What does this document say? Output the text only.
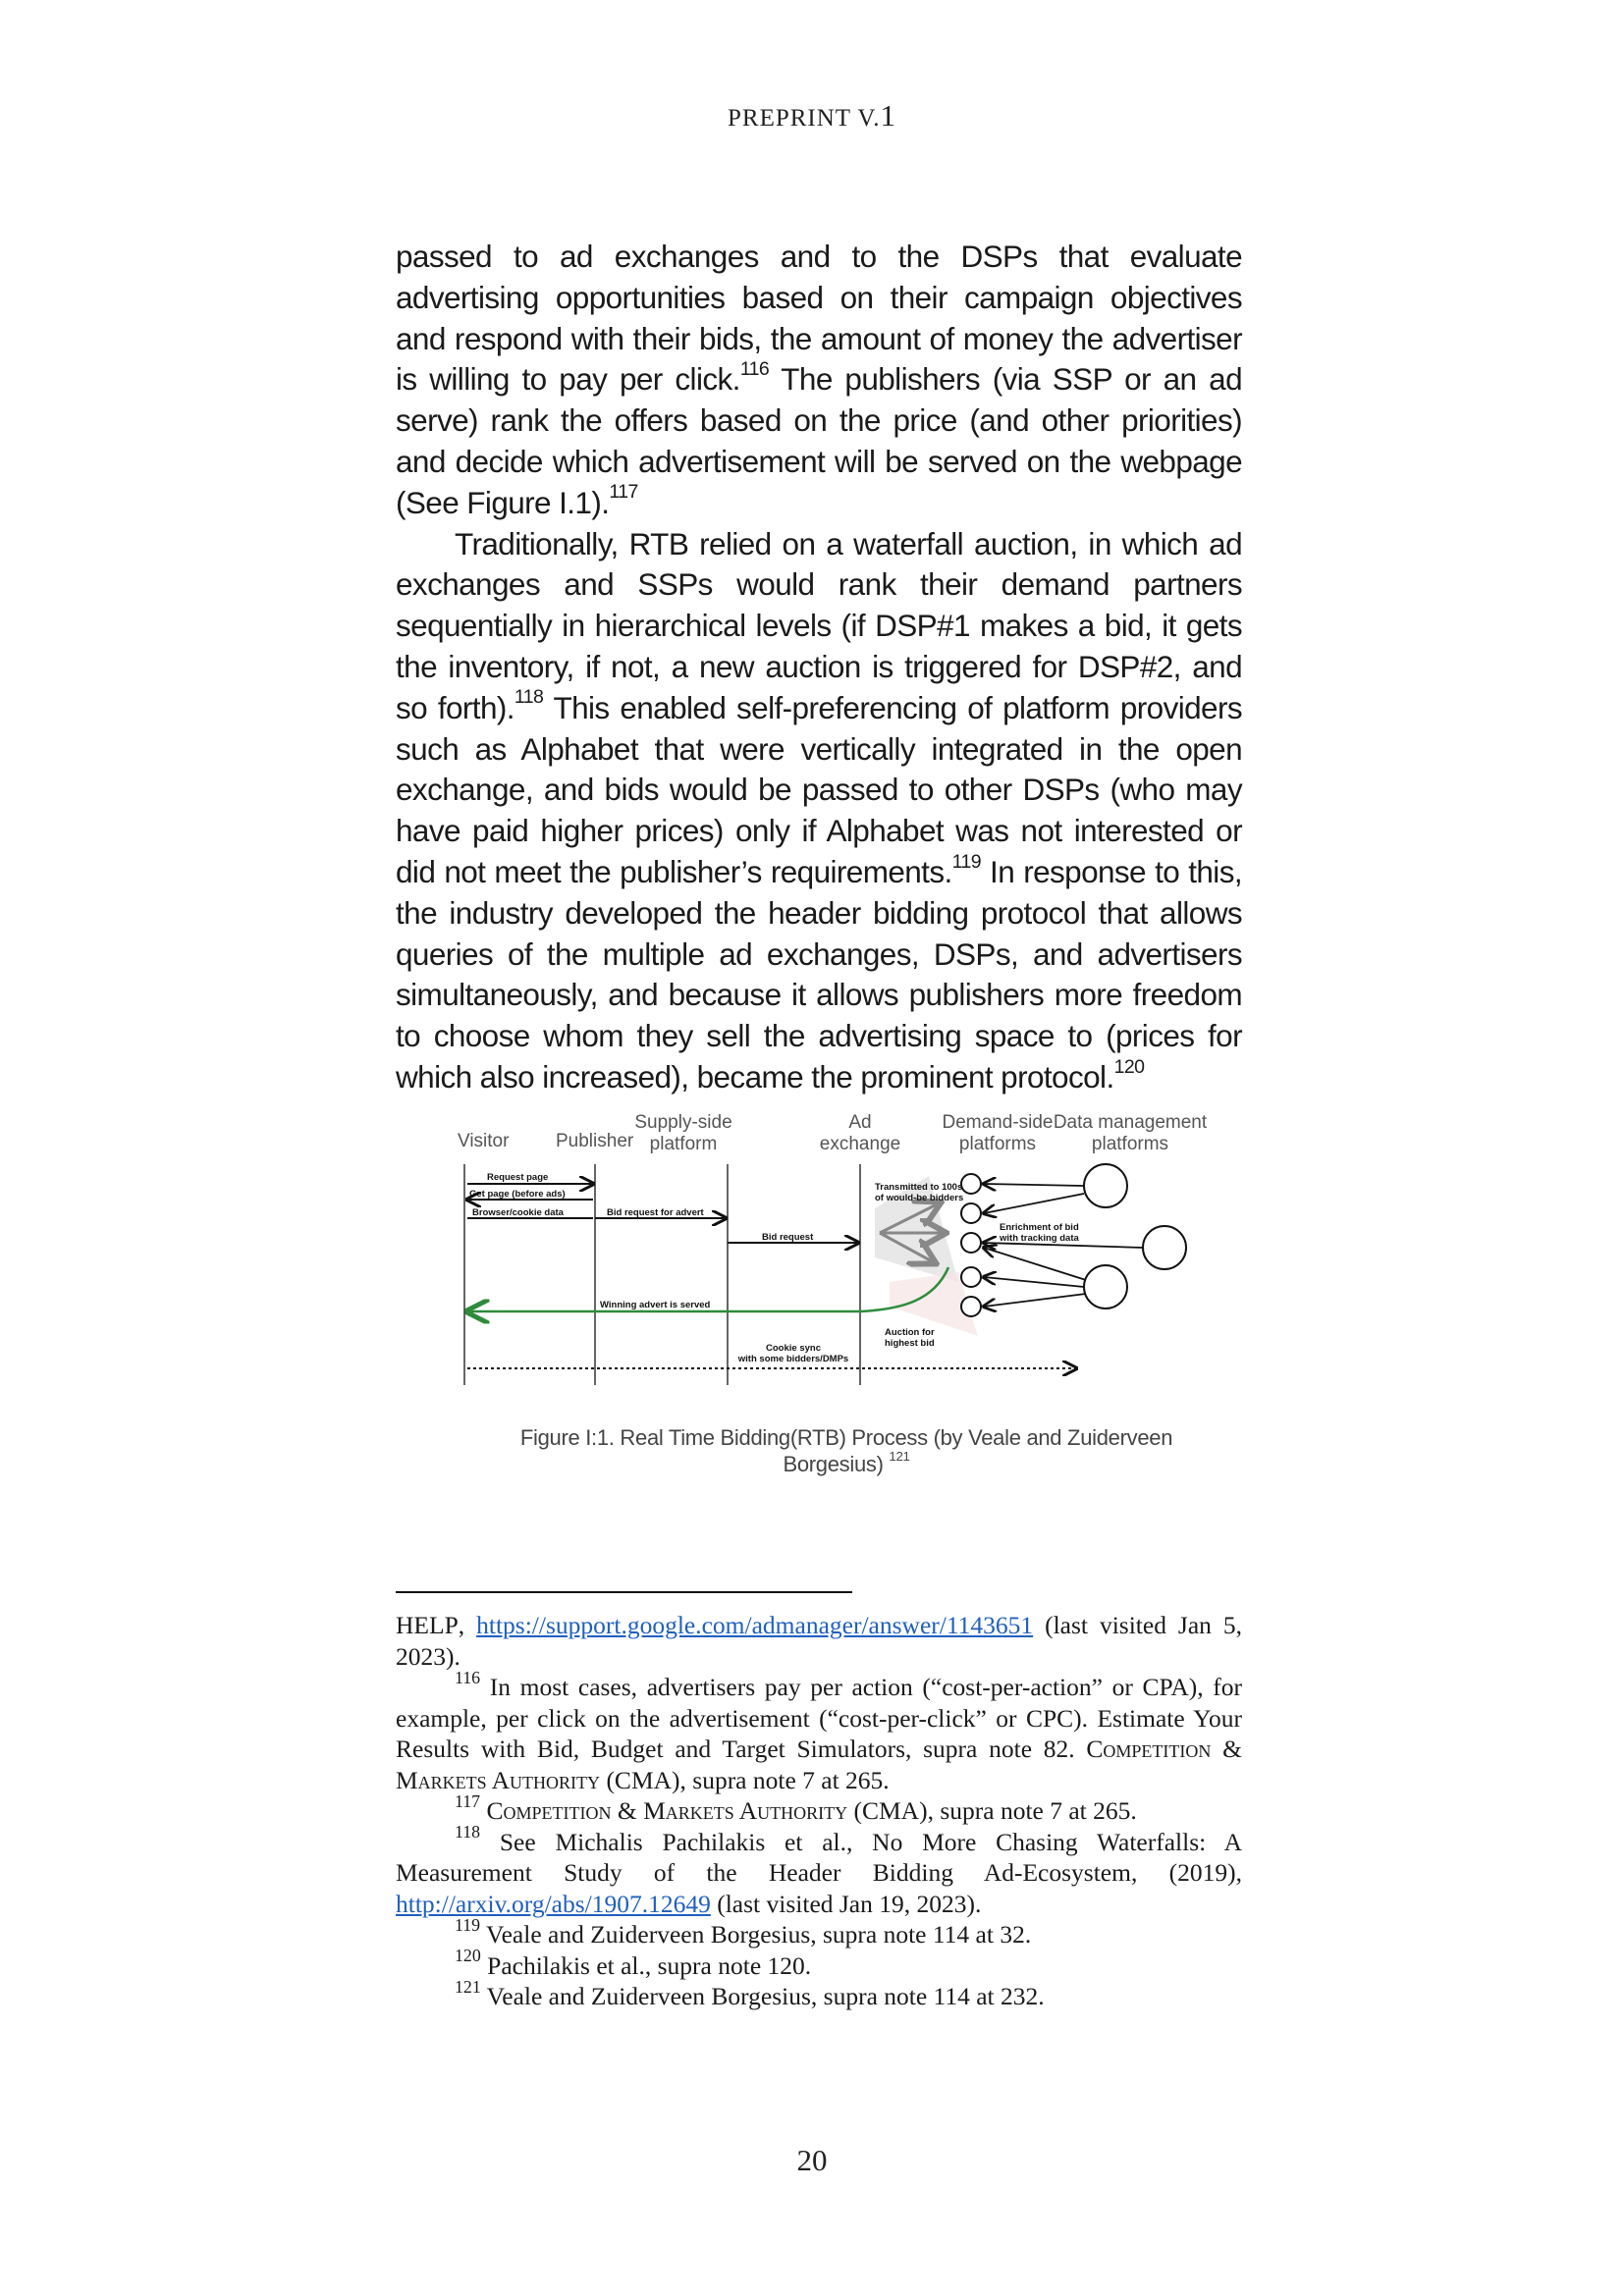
PREPRINT V.1

passed to ad exchanges and to the DSPs that evaluate advertising opportunities based on their campaign objectives and respond with their bids, the amount of money the advertiser is willing to pay per click.$^{116}$ The publishers (via SSP or an ad serve) rank the offers based on the price (and other priorities) and decide which advertisement will be served on the webpage (See Figure I.1).$^{117}$

Traditionally, RTB relied on a waterfall auction, in which ad exchanges and SSPs would rank their demand partners sequentially in hierarchical levels (if DSP#1 makes a bid, it gets the inventory, if not, a new auction is triggered for DSP#2, and so forth).$^{118}$ This enabled self-preferencing of platform providers such as Alphabet that were vertically integrated in the open exchange, and bids would be passed to other DSPs (who may have paid higher prices) only if Alphabet was not interested or did not meet the publisher’s requirements.$^{119}$ In response to this, the industry developed the header bidding protocol that allows queries of the multiple ad exchanges, DSPs, and advertisers simultaneously, and because it allows publishers more freedom to choose whom they sell the advertising space to (prices for which also increased), became the prominent protocol.$^{120}$

Visitor	Publisher
Supply-side
platform
Ad
exchange
Demand-side
platforms
Data management
platforms
Request page
Get page (before ads)
Browser/cookie data	Bid request for advert
Bid request
Transmitted to 100s
of would-be bidders
Enrichment of bid
with tracking data
Winning advert is served
Auction for
highest bid
Cookie sync
with some bidders/DMPs
Figure I:1. Real Time Bidding(RTB) Process (by Veale and Zuiderveen Borgesius) $^{121}$

HELP, https://support.google.com/admanager/answer/1143651 (last visited Jan 5, 2023).

$^{116}$ In most cases, advertisers pay per action (“cost-per-action” or CPA), for example, per click on the advertisement (“cost-per-click” or CPC). Estimate Your Results with Bid, Budget and Target Simulators, supra note 82. Competition & Markets Authority (CMA), supra note 7 at 265.

$^{117}$ Competition & Markets Authority (CMA), supra note 7 at 265.

$^{118}$ See Michalis Pachilakis et al., No More Chasing Waterfalls: A Measurement Study of the Header Bidding Ad-Ecosystem, (2019), http://arxiv.org/abs/1907.12649 (last visited Jan 19, 2023).

$^{119}$ Veale and Zuiderveen Borgesius, supra note 114 at 32.

$^{120}$ Pachilakis et al., supra note 120.

$^{121}$ Veale and Zuiderveen Borgesius, supra note 114 at 232.

20
